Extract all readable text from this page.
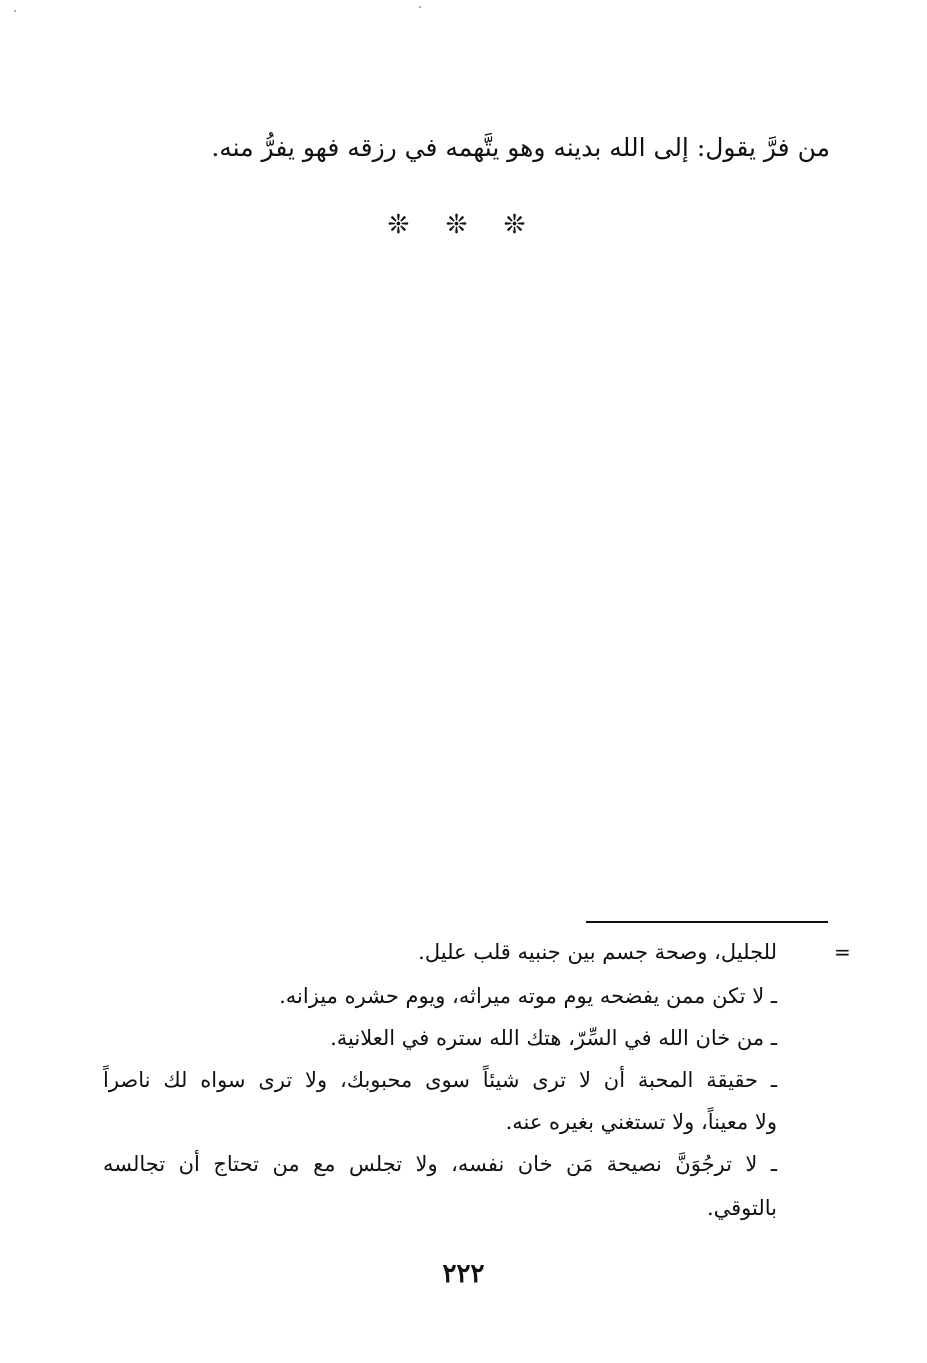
من فرَّ يقول: إلى الله بدينه وهو يتَّهمه في رزقه فهو يفرُّ منه.

❊ ❊ ❊
=

للجليل، وصحة جسم بين جنبيه قلب عليل.

ـ لا تكن ممن يفضحه يوم موته ميراثه، ويوم حشره ميزانه.

ـ من خان الله في السِّرّ، هتك الله ستره في العلانية.

ـ حقيقة المحبة أن لا ترى شيئاً سوى محبوبك، ولا ترى سواه لك ناصراً

ولا معيناً، ولا تستغني بغيره عنه.

ـ لا ترجُوَنَّ نصيحة مَن خان نفسه، ولا تجلس مع من تحتاج أن تجالسه

بالتوقي.

٢٢٢
